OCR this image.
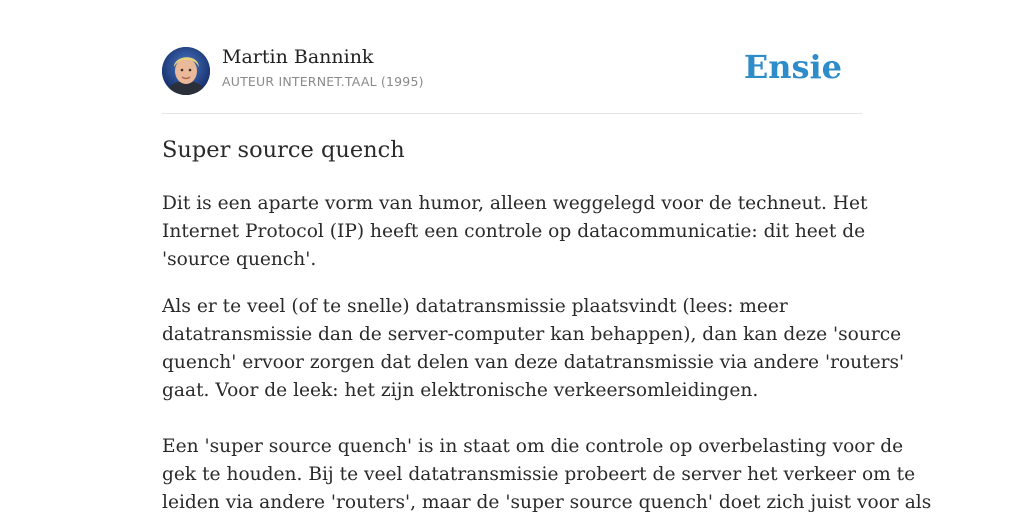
Martin Bannink
AUTEUR INTERNET.TAAL (1995)	Ensie
Super source quench

Dit is een aparte vorm van humor, alleen weggelegd voor de techneut. Het
Internet Protocol (IP) heeft een controle op datacommunicatie: dit heet de
'source quench'.

Als er te veel (of te snelle) datatransmissie plaatsvindt (lees: meer
datatransmissie dan de server-computer kan behappen), dan kan deze 'source
quench' ervoor zorgen dat delen van deze datatransmissie via andere 'routers'
gaat. Voor de leek: het zijn elektronische verkeersomleidingen.

Een 'super source quench' is in staat om die controle op overbelasting voor de
gek te houden. Bij te veel datatransmissie probeert de server het verkeer om te
leiden via andere 'routers', maar de 'super source quench' doet zich juist voor als
